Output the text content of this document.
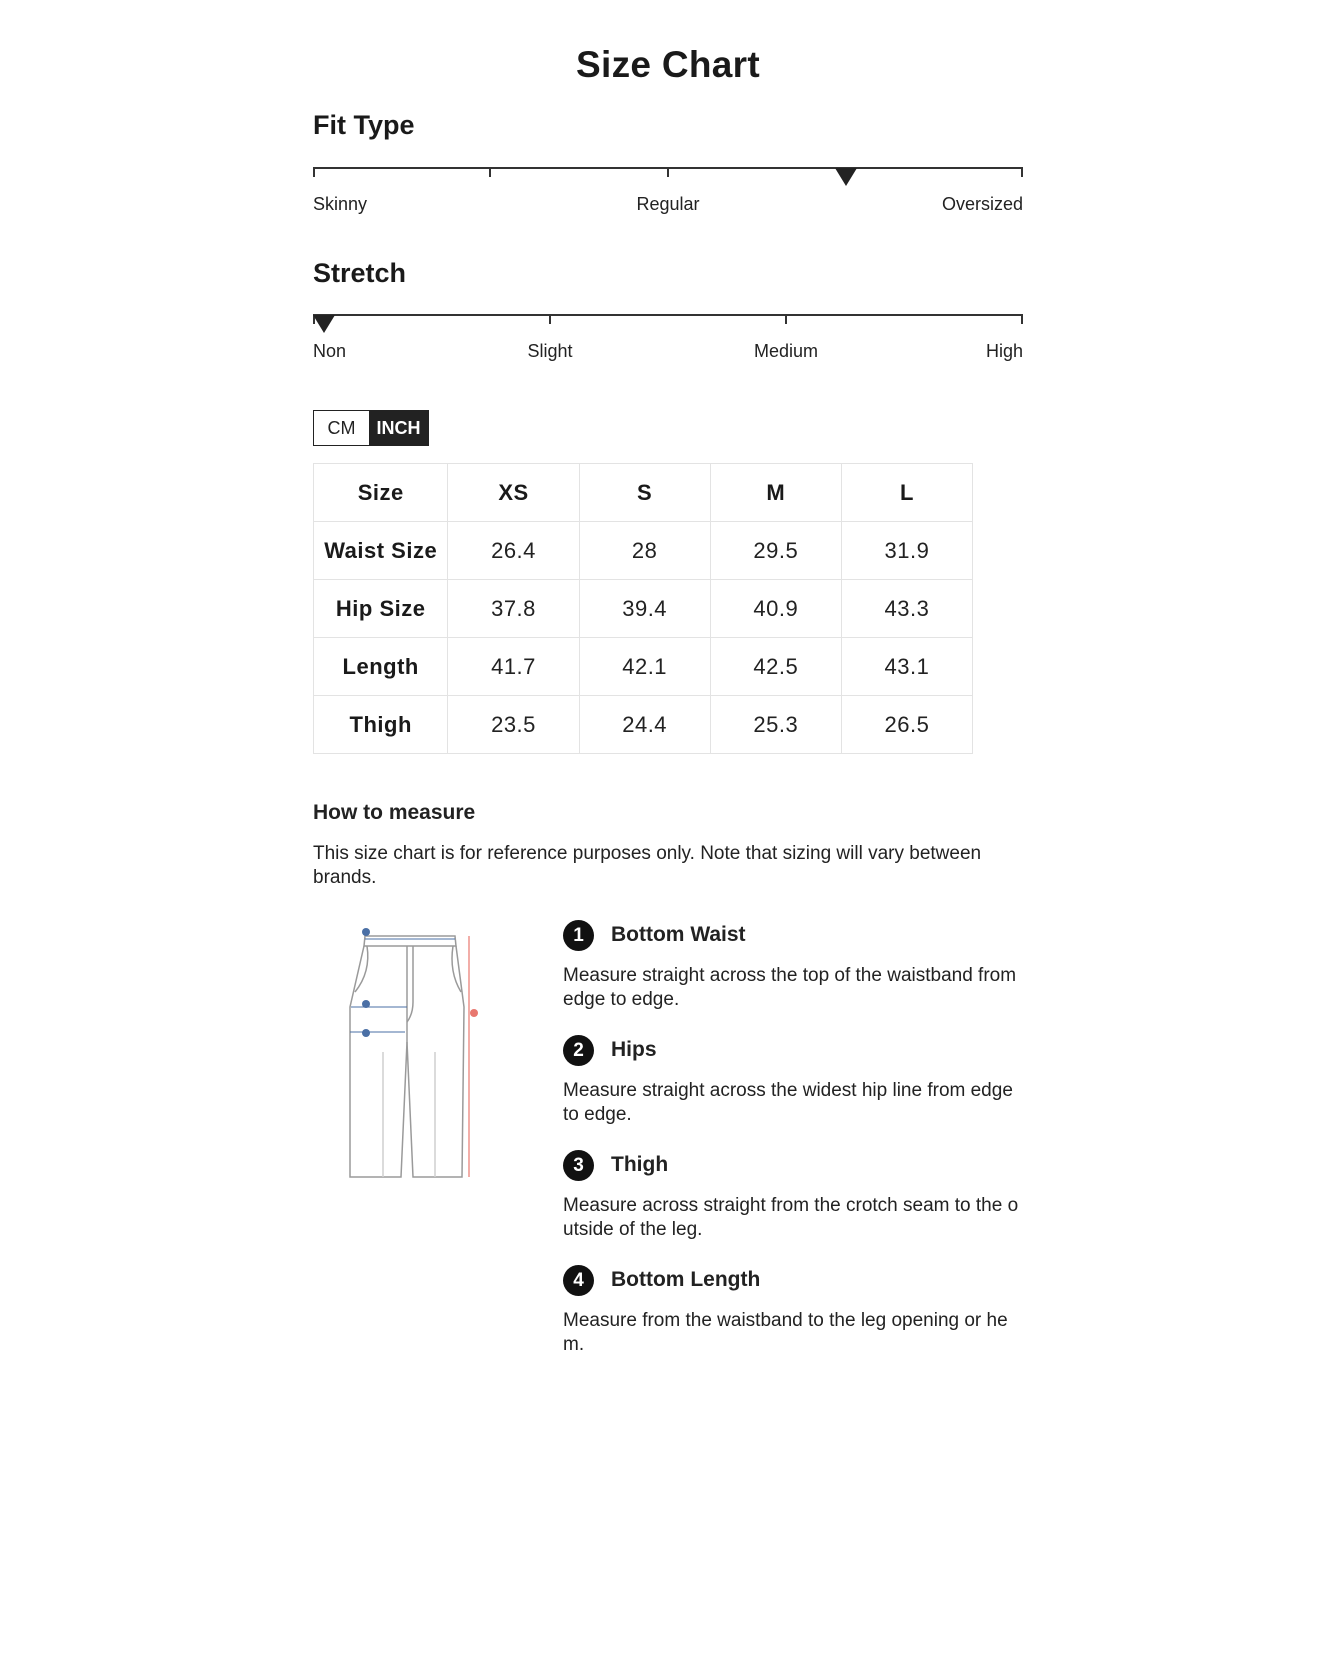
Size Chart
Fit Type
Skinny	Regular	Oversized
Stretch
Non	Slight	Medium	High
CM	INCH
Size	XS	S	M	L
Waist Size	26.4	28	29.5	31.9
Hip Size	37.8	39.4	40.9	43.3
Length	41.7	42.1	42.5	43.1
Thigh	23.5	24.4	25.3	26.5
How to measure
This size chart is for reference purposes only. Note that sizing will vary between brands.
1	Bottom Waist
Measure straight across the top of the waistband from edge to edge.
2	Hips
Measure straight across the widest hip line from edge to edge.
3	Thigh
Measure across straight from the crotch seam to the outside of the leg.
4	Bottom Length
Measure from the waistband to the leg opening or hem.
